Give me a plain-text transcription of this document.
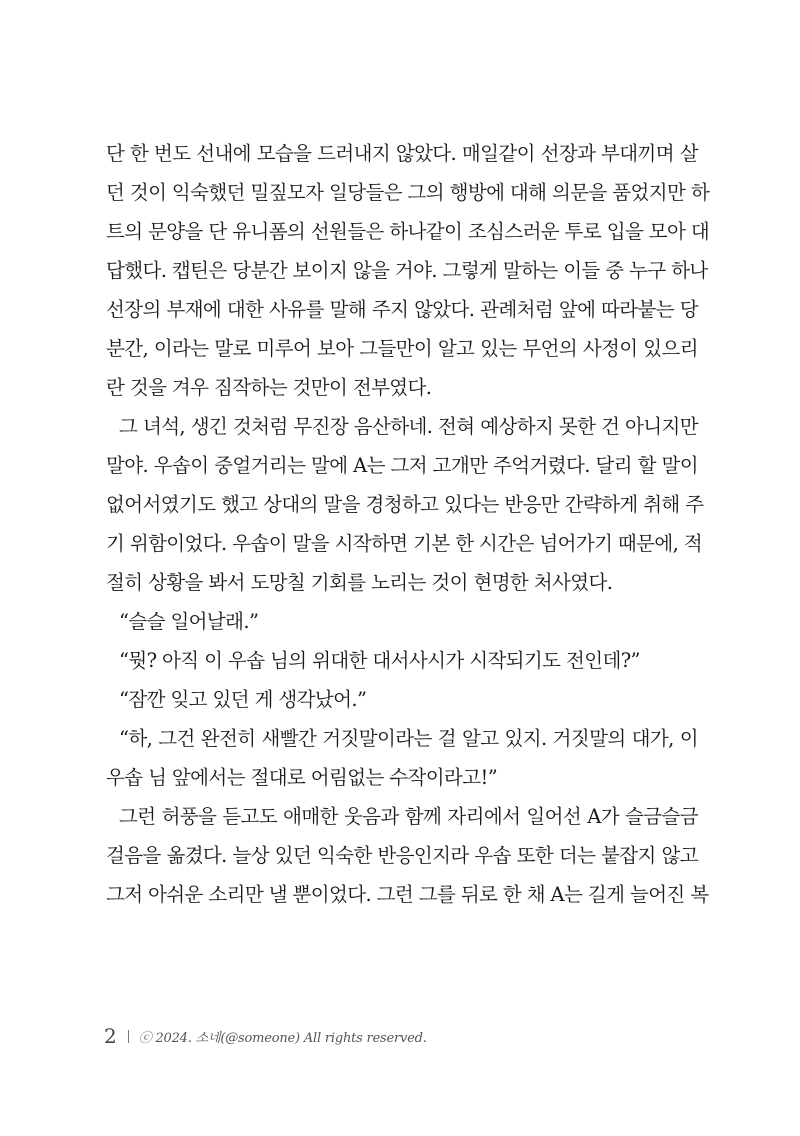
단 한 번도 선내에 모습을 드러내지 않았다. 매일같이 선장과 부대끼며 살
던 것이 익숙했던 밀짚모자 일당들은 그의 행방에 대해 의문을 품었지만 하
트의 문양을 단 유니폼의 선원들은 하나같이 조심스러운 투로 입을 모아 대
답했다. 캡틴은 당분간 보이지 않을 거야. 그렇게 말하는 이들 중 누구 하나
선장의 부재에 대한 사유를 말해 주지 않았다. 관례처럼 앞에 따라붙는 당
분간, 이라는 말로 미루어 보아 그들만이 알고 있는 무언의 사정이 있으리
란 것을 겨우 짐작하는 것만이 전부였다.
그 녀석, 생긴 것처럼 무진장 음산하네. 전혀 예상하지 못한 건 아니지만
말야. 우솝이 중얼거리는 말에 A는 그저 고개만 주억거렸다. 달리 할 말이
없어서였기도 했고 상대의 말을 경청하고 있다는 반응만 간략하게 취해 주
기 위함이었다. 우솝이 말을 시작하면 기본 한 시간은 넘어가기 때문에, 적
절히 상황을 봐서 도망칠 기회를 노리는 것이 현명한 처사였다.
“슬슬 일어날래.”
“뭣? 아직 이 우솝 님의 위대한 대서사시가 시작되기도 전인데?”
“잠깐 잊고 있던 게 생각났어.”
“하, 그건 완전히 새빨간 거짓말이라는 걸 알고 있지. 거짓말의 대가, 이
우솝 님 앞에서는 절대로 어림없는 수작이라고!”
그런 허풍을 듣고도 애매한 웃음과 함께 자리에서 일어선 A가 슬금슬금
걸음을 옮겼다. 늘상 있던 익숙한 반응인지라 우솝 또한 더는 붙잡지 않고
그저 아쉬운 소리만 낼 뿐이었다. 그런 그를 뒤로 한 채 A는 길게 늘어진 복
2 ⓒ 2024. 소네(@someone) All rights reserved.
